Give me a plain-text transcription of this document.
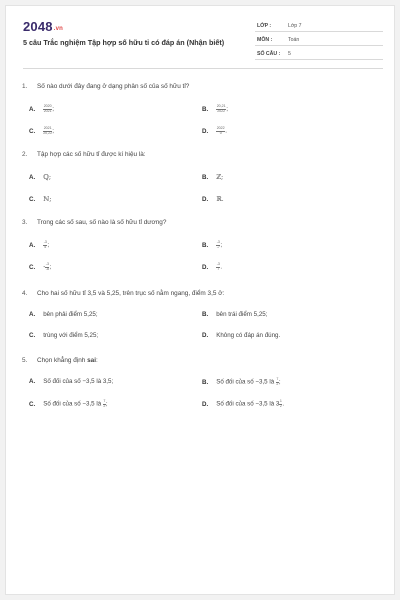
2048.vn
5 câu Trắc nghiệm Tập hợp số hữu tỉ có đáp án (Nhận biết)
LỚP :	Lớp 7
MÔN :	Toán
SỐ CÂU : 5
1. Số nào dưới đây đang ở dạng phân số của số hữu tỉ?
A. $\frac{2020}{2021}$ ;	B. $\frac{20,21}{2022}$ ;
C. $\frac{2021}{20,22}$ ;	D. $\frac{2022}{0}$ .
2. Tập hợp các số hữu tỉ được kí hiệu là:
A. ℚ;	B. ℤ;
C. ℕ;	D. ℝ.
3. Trong các số sau, số nào là số hữu tỉ dương?
A. $\frac{-3}{5}$ ;	B. $\frac{-3}{-7}$ ;
C. - $\frac{-3}{-8}$ ;	D. $\frac{-3}{7}$ .
4. Cho hai số hữu tỉ 3,5 và 5,25, trên trục số nằm ngang, điểm 3,5 ở:
A. bên phải điểm 5,25;	B. bên trái điểm 5,25;
C. trùng với điểm 5,25;	D. Không có đáp án đúng.
5. Chọn khẳng định sai:
A. Số đối của số −3,5 là 3,5;	B. Số đối của số −3,5 là $\frac{7}{2}$ ;
C. Số đối của số −3,5 là $\frac{7}{2}$ ;	D. Số đối của số −3,5 là $3 \frac{1}{2}$ .
